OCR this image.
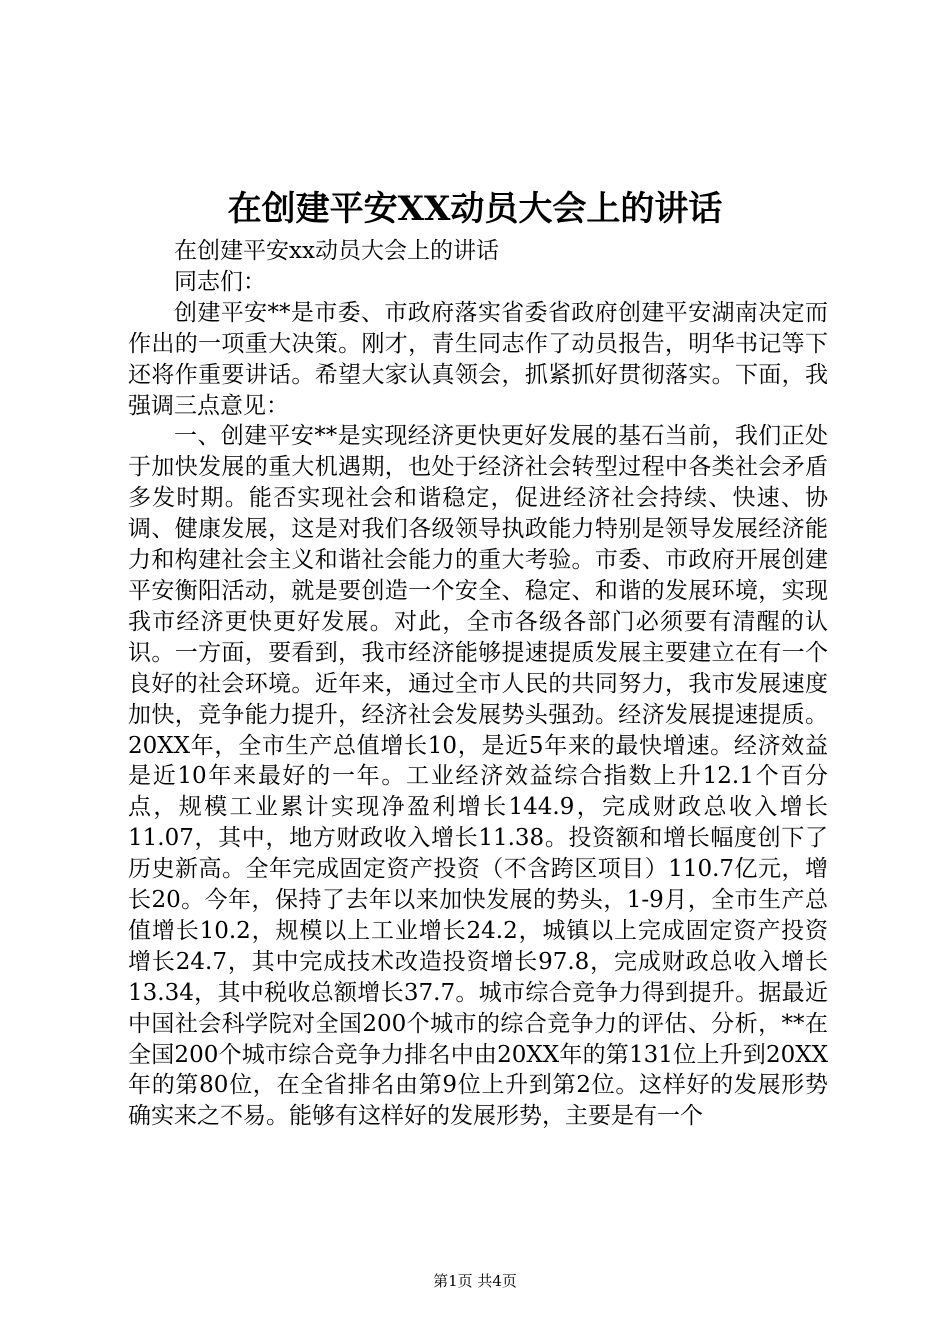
在创建平安XX动员大会上的讲话

在创建平安xx动员大会上的讲话

同志们：

创建平安**是市委、市政府落实省委省政府创建平安湖南决定而作出的一项重大决策。刚才，青生同志作了动员报告，明华书记等下还将作重要讲话。希望大家认真领会，抓紧抓好贯彻落实。下面，我强调三点意见：

一、创建平安**是实现经济更快更好发展的基石当前，我们正处于加快发展的重大机遇期，也处于经济社会转型过程中各类社会矛盾多发时期。能否实现社会和谐稳定，促进经济社会持续、快速、协调、健康发展，这是对我们各级领导执政能力特别是领导发展经济能力和构建社会主义和谐社会能力的重大考验。市委、市政府开展创建平安衡阳活动，就是要创造一个安全、稳定、和谐的发展环境，实现我市经济更快更好发展。对此，全市各级各部门必须要有清醒的认识。一方面，要看到，我市经济能够提速提质发展主要建立在有一个良好的社会环境。近年来，通过全市人民的共同努力，我市发展速度加快，竞争能力提升，经济社会发展势头强劲。经济发展提速提质。20XX年，全市生产总值增长10，是近5年来的最快增速。经济效益是近10年来最好的一年。工业经济效益综合指数上升12.1个百分点，规模工业累计实现净盈利增长144.9，完成财政总收入增长11.07，其中，地方财政收入增长11.38。投资额和增长幅度创下了历史新高。全年完成固定资产投资（不含跨区项目）110.7亿元，增长20。今年，保持了去年以来加快发展的势头，1-9月，全市生产总值增长10.2，规模以上工业增长24.2，城镇以上完成固定资产投资增长24.7，其中完成技术改造投资增长97.8，完成财政总收入增长13.34，其中税收总额增长37.7。城市综合竞争力得到提升。据最近中国社会科学院对全国200个城市的综合竞争力的评估、分析，**在全国200个城市综合竞争力排名中由20XX年的第131位上升到20XX年的第80位，在全省排名由第9位上升到第2位。这样好的发展形势确实来之不易。能够有这样好的发展形势，主要是有一个

第1页 共4页
